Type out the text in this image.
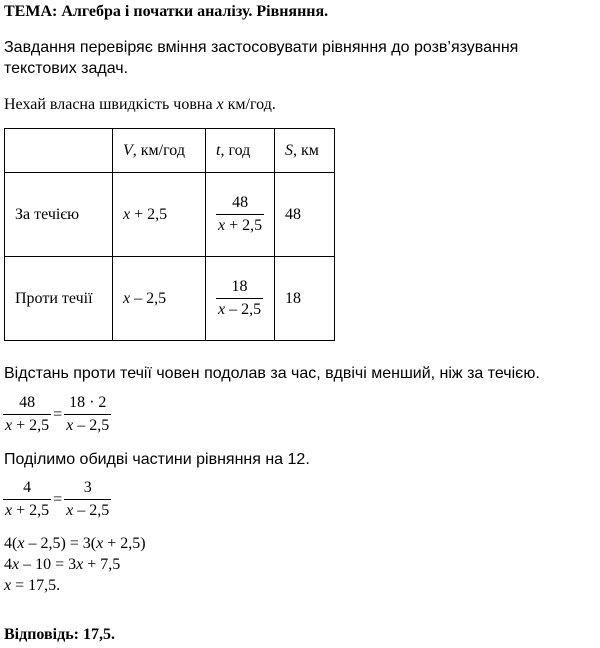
ТЕМА: Алгебра і початки аналізу. Рівняння.
Завдання перевіряє вміння застосовувати рівняння до розв’язування
текстових задач.
Нехай власна швидкість човна x км/год.
	V, км/год	t, год	S, км
За течією	x + 2,5	$\frac{48}{x + 2,5}$	48
Проти течії	x – 2,5	$\frac{18}{x - 2,5}$	18
Відстань проти течії човен подолав за час, вдвічі менший, ніж за течією.
$\frac{48}{x + 2,5} = \frac{18 \cdot 2}{x - 2,5}$
Поділимо обидві частини рівняння на 12.
$\frac{4}{x + 2,5} = \frac{3}{x - 2,5}$
4(x – 2,5) = 3(x + 2,5)
4x – 10 = 3x + 7,5
x = 17,5.
Відповідь: 17,5.
